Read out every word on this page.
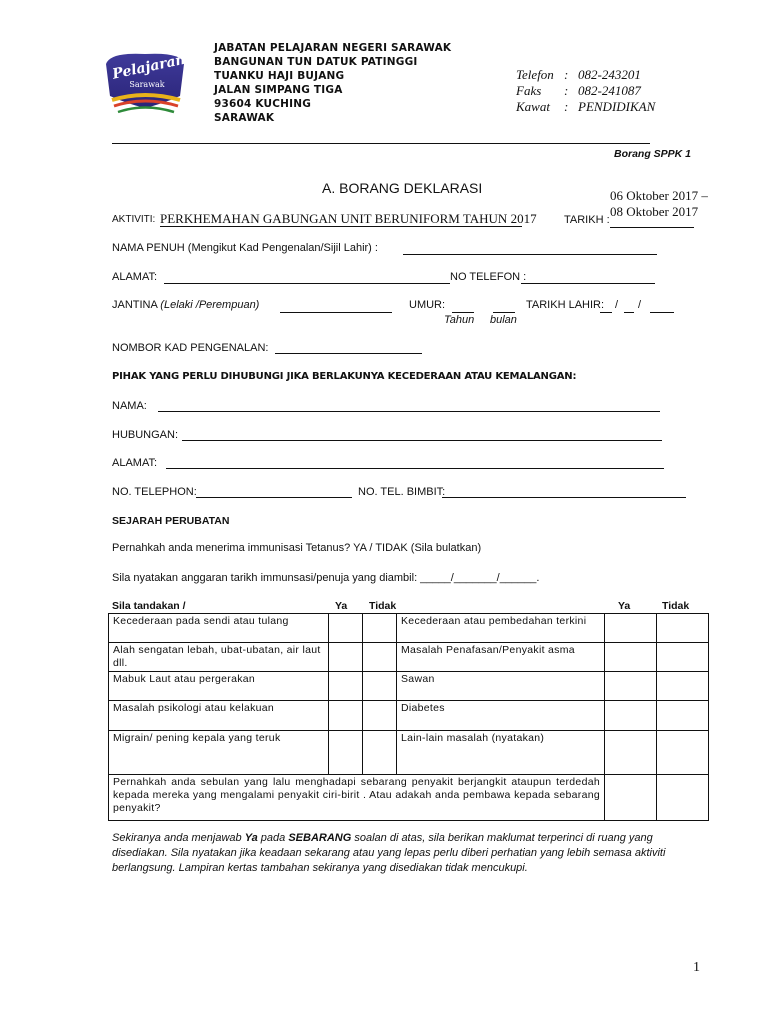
Pelajaran
Sarawak
JABATAN PELAJARAN NEGERI SARAWAK
BANGUNAN TUN DATUK PATINGGI
TUANKU HAJI BUJANG
JALAN SIMPANG TIGA
93604 KUCHING
SARAWAK
Telefon : 082-243201
Faks : 082-241087
Kawat : PENDIDIKAN
Borang SPPK 1
A. BORANG DEKLARASI
AKTIVITI: PERKHEMAHAN GABUNGAN UNIT BERUNIFORM TAHUN 2017 TARIKH :
06 Oktober 2017 –
08 Oktober 2017
NAMA PENUH (Mengikut Kad Pengenalan/Sijil Lahir) :
ALAMAT:	NO TELEFON :
JANTINA (Lelaki /Perempuan)	UMUR:
Tahun bulan
TARIKH LAHIR: / /
NOMBOR KAD PENGENALAN:
PIHAK YANG PERLU DIHUBUNGI JIKA BERLAKUNYA KECEDERAAN ATAU KEMALANGAN:
NAMA:
HUBUNGAN:
ALAMAT:
NO. TELEPHON:	NO. TEL. BIMBIT:
SEJARAH PERUBATAN
Pernahkah anda menerima immunisasi Tetanus? YA / TIDAK (Sila bulatkan)
Sila nyatakan anggaran tarikh immunsasi/penuja yang diambil: _____/_______/______.
Sila tandakan /	Ya Tidak	Ya	Tidak
Kecederaan pada sendi atau tulang			Kecederaan atau pembedahan terkini		
Alah sengatan lebah, ubat-ubatan, air laut dll.			Masalah Penafasan/Penyakit asma		
Mabuk Laut atau pergerakan			Sawan		
Masalah psikologi atau kelakuan			Diabetes		
Migrain/ pening kepala yang teruk			Lain-lain masalah (nyatakan)		
Pernahkah anda sebulan yang lalu menghadapi sebarang penyakit berjangkit ataupun terdedah kepada mereka yang mengalami penyakit ciri-birit . Atau adakah anda pembawa kepada sebarang penyakit?					
Sekiranya anda menjawab Ya pada SEBARANG soalan di atas, sila berikan maklumat terperinci di ruang yang disediakan. Sila nyatakan jika keadaan sekarang atau yang lepas perlu diberi perhatian yang lebih semasa aktiviti berlangsung. Lampiran kertas tambahan sekiranya yang disediakan tidak mencukupi.
1
